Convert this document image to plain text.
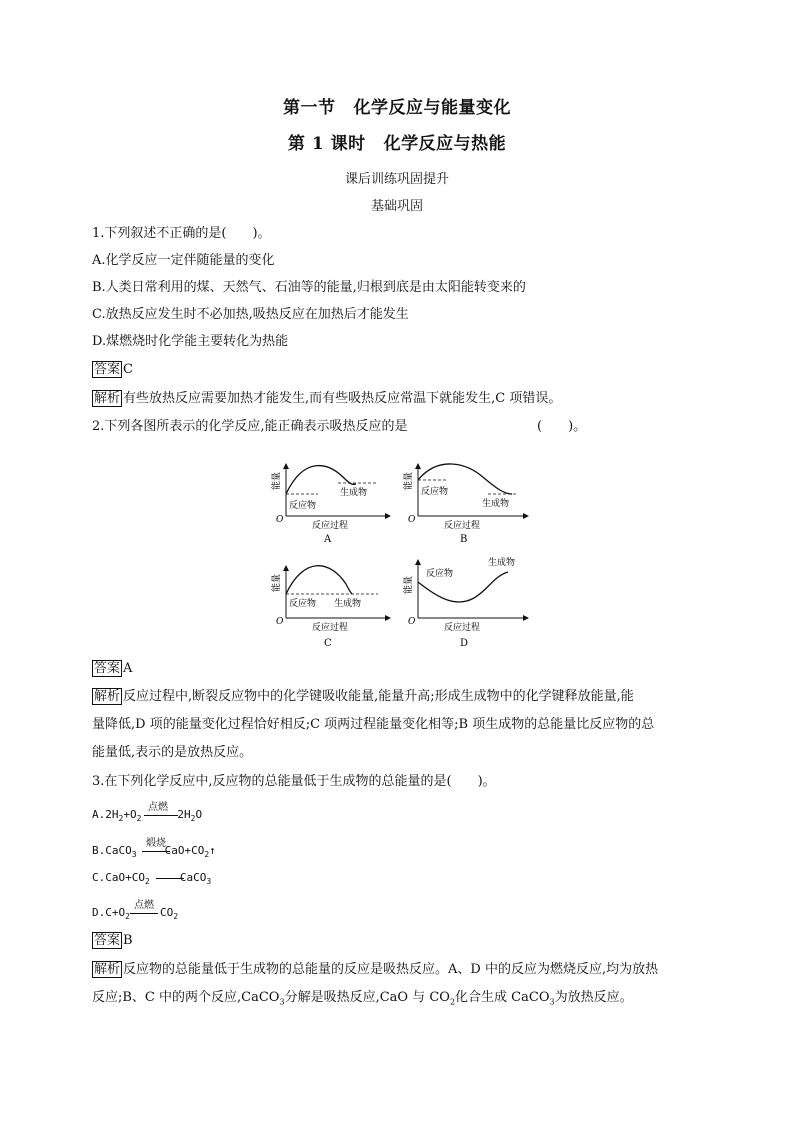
第一节 化学反应与能量变化
第 1 课时 化学反应与热能
课后训练巩固提升
基础巩固
1.下列叙述不正确的是(　　)。
A.化学反应一定伴随能量的变化
B.人类日常利用的煤、天然气、石油等的能量,归根到底是由太阳能转变来的
C.放热反应发生时不必加热,吸热反应在加热后才能发生
D.煤燃烧时化学能主要转化为热能
答案 C
解析 有些放热反应需要加热才能发生,而有些吸热反应常温下就能发生,C 项错误。
2.下列各图所表示的化学反应,能正确表示吸热反应的是	(　　)。
能量
反应物
生成物
O
反应过程
A
能量
反应物
生成物
O
反应过程
B
能量
反应物 生成物
O
反应过程
C
能量
反应物
生成物
O
反应过程
D
答案 A
解析 反应过程中,断裂反应物中的化学键吸收能量,能量升高;形成生成物中的化学键释放能量,能
量降低,D 项的能量变化过程恰好相反;C 项两过程能量变化相等;B 项生成物的总能量比反应物的总
能量低,表示的是放热反应。
3.在下列化学反应中,反应物的总能量低于生成物的总能量的是(　　)。
$A.2H_2+O_2$	$2H_2O$
点燃
B.CaCO$_3$	$CaO+CO_2↑$
煅烧
$C.CaO+CO_2$	CaCO$_3$
$D.C+O_2$	$CO_2$
点燃
答案 B
解析 反应物的总能量低于生成物的总能量的反应是吸热反应。A、D 中的反应为燃烧反应,均为放热
反应;B、C 中的两个反应,CaCO$_3$分解是吸热反应,CaO 与 $CO_2$化合生成 CaCO$_3$为放热反应。
